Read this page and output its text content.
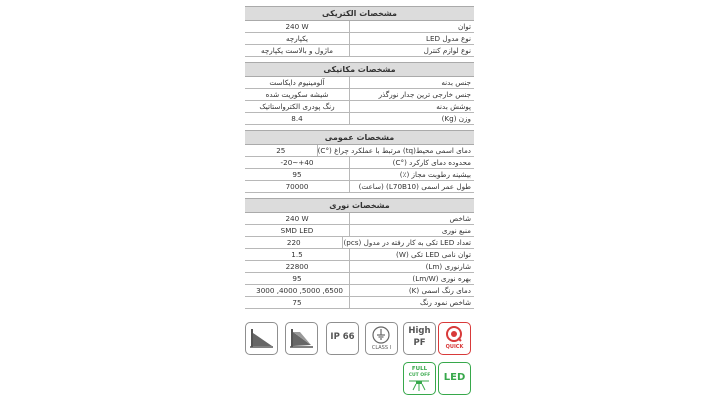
مشخصات الکتریکی
240 W	توان
یکپارچه	نوع مدول LED
ماژول و بالاست یکپارچه	نوع لوازم کنترل
مشخصات مکانیکی
آلومینیوم دایکاست	جنس بدنه
شیشه سکوریت شده	جنس خارجی ترین جدار نورگذر
رنگ پودری الکترواستاتیک	پوشش بدنه
8.4	وزن (Kg)
مشخصات عمومی
25	دمای اسمی محیط(tq) مرتبط با عملکرد چراغ (°C)
-20~+40	محدوده دمای کارکرد (°C)
95	بیشینه رطوبت مجاز (٪)
70000	طول عمر اسمی (L70B10) (ساعت)
مشخصات نوری
240 W	شاخص
SMD LED	منبع نوری
220	تعداد LED تکی به کار رفته در مدول (pcs)
1.5	توان نامی LED تکی (W)
22800	شارنوری (Lm)
95	بهره نوری (Lm/W)
3000 ,4000 ,5000 ,6500	دمای رنگ اسمی (K)
75	شاخص نمود رنگ
IP 66
CLASS I
High
PF	QUICK
FULL
CUT OFF	LED
